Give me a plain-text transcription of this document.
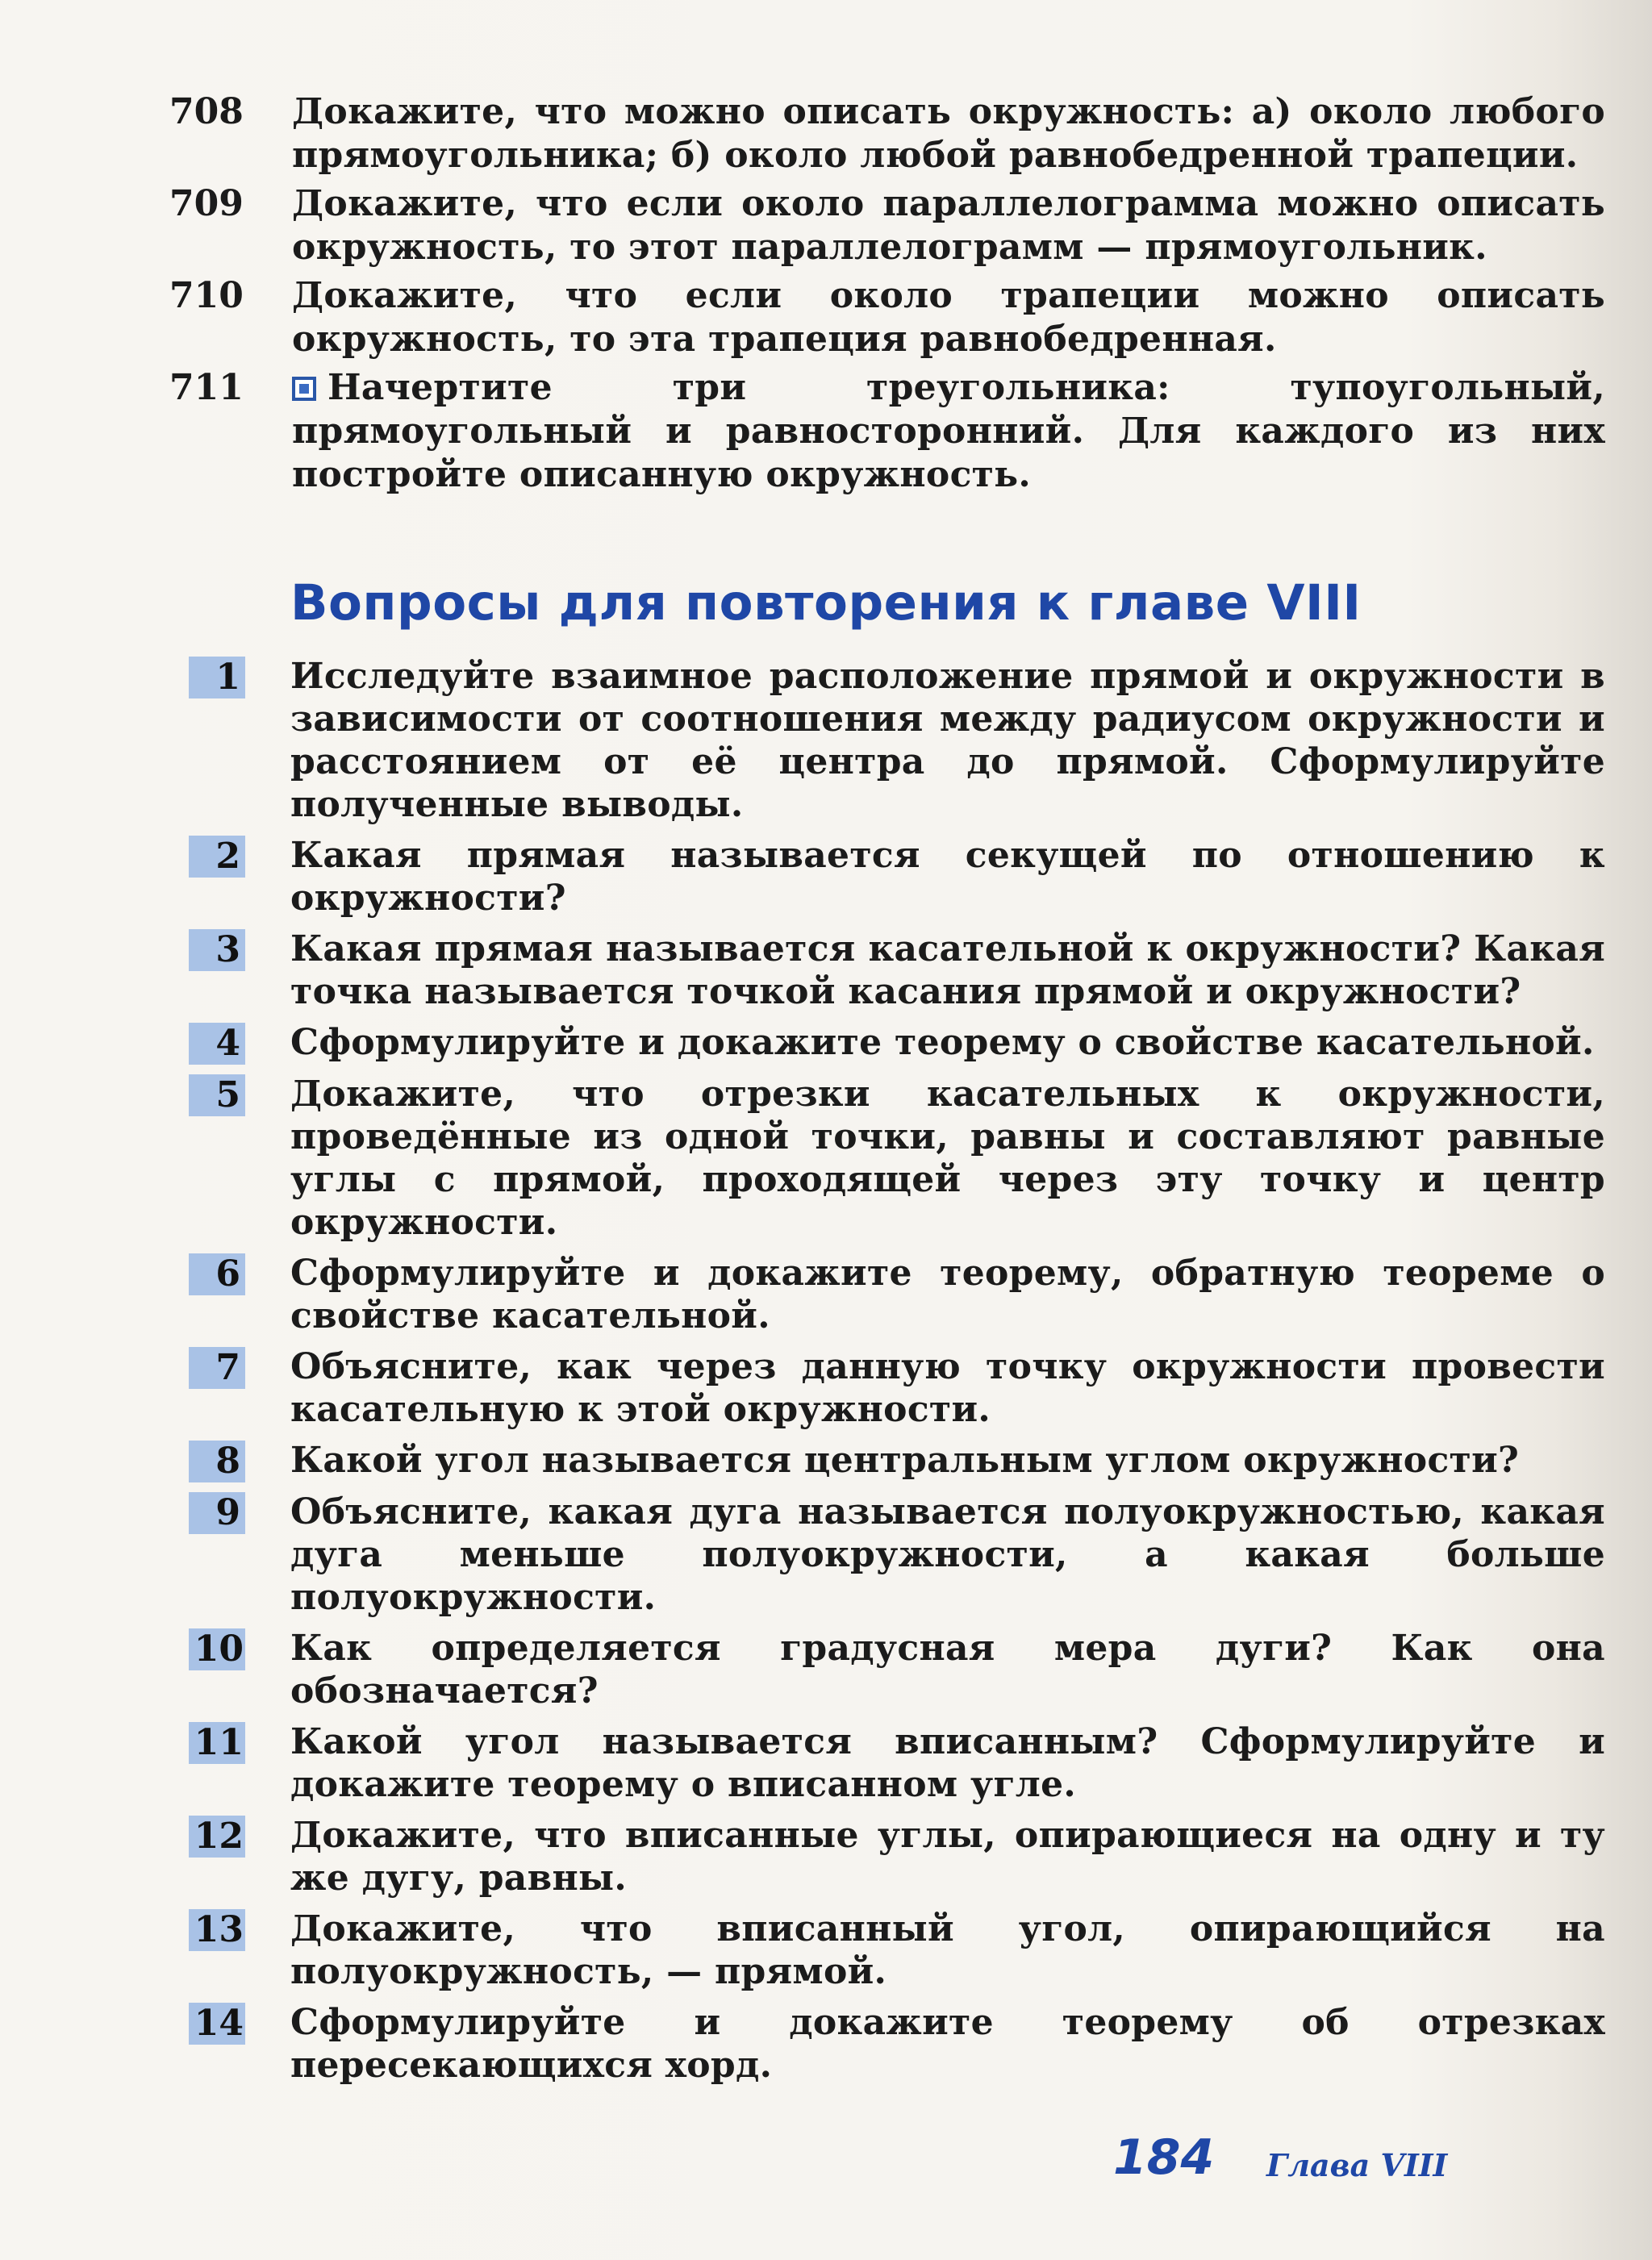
708	Докажите, что можно описать окружность: а) около любого прямоугольника; б) около любой равнобедренной трапеции.
709	Докажите, что если около параллелограмма можно описать окружность, то этот параллелограмм — прямоугольник.
710	Докажите, что если около трапеции можно описать окружность, то эта трапеция равнобедренная.
711	Начертите три треугольника: тупоугольный, прямоугольный и равносторонний. Для каждого из них постройте описанную окружность.
Вопросы для повторения к главе VIII
1 Исследуйте взаимное расположение прямой и окружности в зависимости от соотношения между радиусом окружности и расстоянием от её центра до прямой. Сформулируйте полученные выводы.
2 Какая прямая называется секущей по отношению к окружности?
3 Какая прямая называется касательной к окружности? Какая точка называется точкой касания прямой и окружности?
4 Сформулируйте и докажите теорему о свойстве касательной.
5 Докажите, что отрезки касательных к окружности, проведённые из одной точки, равны и составляют равные углы с прямой, проходящей через эту точку и центр окружности.
6 Сформулируйте и докажите теорему, обратную теореме о свойстве касательной.
7 Объясните, как через данную точку окружности провести касательную к этой окружности.
8 Какой угол называется центральным углом окружности?
9 Объясните, какая дуга называется полуокружностью, какая дуга меньше полуокружности, а какая больше полуокружности.
10 Как определяется градусная мера дуги? Как она обозначается?
11 Какой угол называется вписанным? Сформулируйте и докажите теорему о вписанном угле.
12 Докажите, что вписанные углы, опирающиеся на одну и ту же дугу, равны.
13 Докажите, что вписанный угол, опирающийся на полуокружность, — прямой.
14 Сформулируйте и докажите теорему об отрезках пересекающихся хорд.
184 Глава VIII
